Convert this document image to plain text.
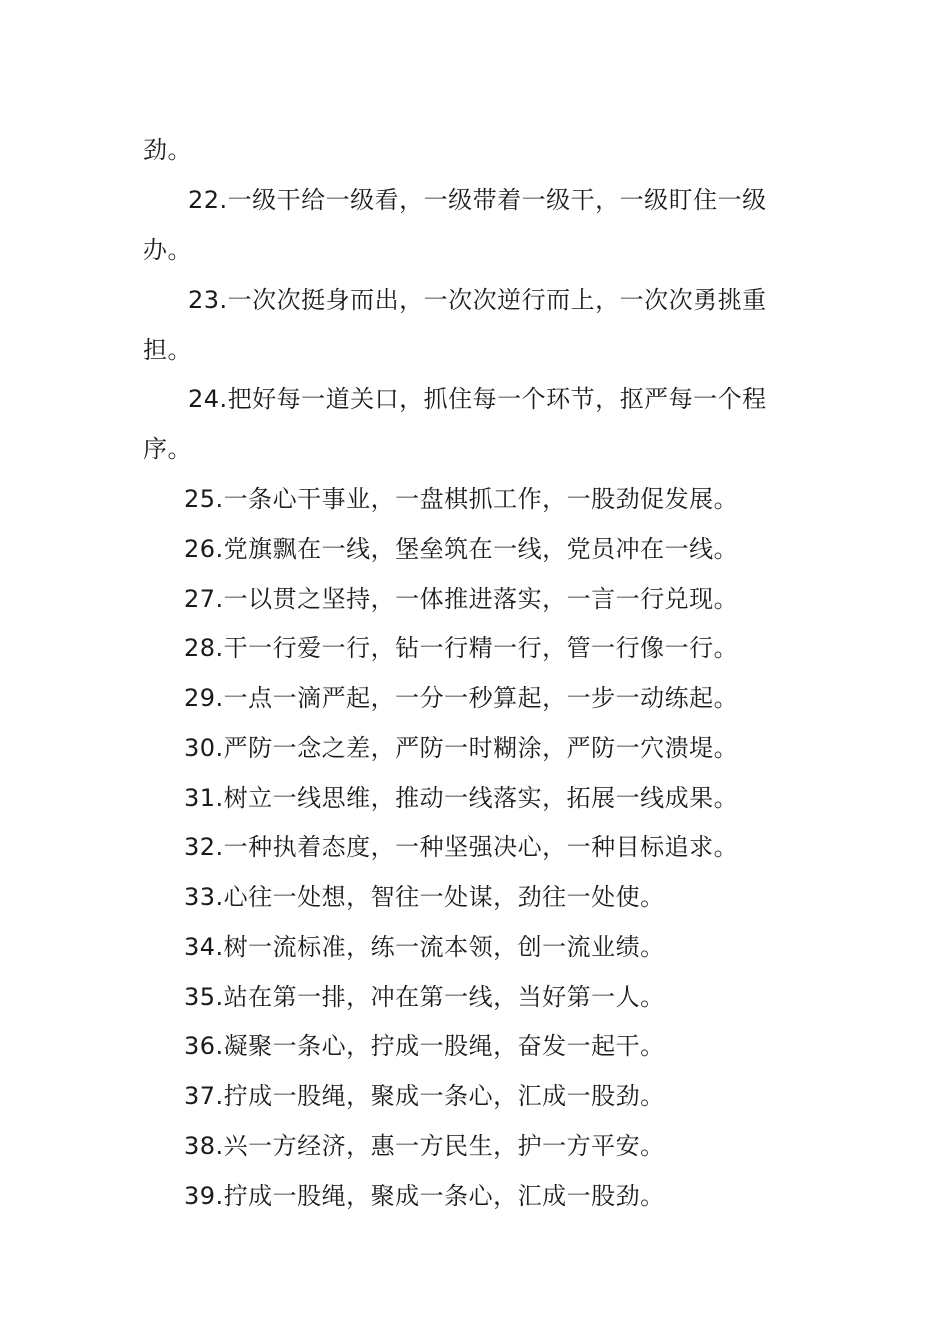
劲。
22.一级干给一级看，一级带着一级干，一级盯住一级
办。
23.一次次挺身而出，一次次逆行而上，一次次勇挑重
担。
24.把好每一道关口，抓住每一个环节，抠严每一个程
序。
25.一条心干事业，一盘棋抓工作，一股劲促发展。
26.党旗飘在一线，堡垒筑在一线，党员冲在一线。
27.一以贯之坚持，一体推进落实，一言一行兑现。
28.干一行爱一行，钻一行精一行，管一行像一行。
29.一点一滴严起，一分一秒算起，一步一动练起。
30.严防一念之差，严防一时糊涂，严防一穴溃堤。
31.树立一线思维，推动一线落实，拓展一线成果。
32.一种执着态度，一种坚强决心，一种目标追求。
33.心往一处想，智往一处谋，劲往一处使。
34.树一流标准，练一流本领，创一流业绩。
35.站在第一排，冲在第一线，当好第一人。
36.凝聚一条心，拧成一股绳，奋发一起干。
37.拧成一股绳，聚成一条心，汇成一股劲。
38.兴一方经济，惠一方民生，护一方平安。
39.拧成一股绳，聚成一条心，汇成一股劲。
